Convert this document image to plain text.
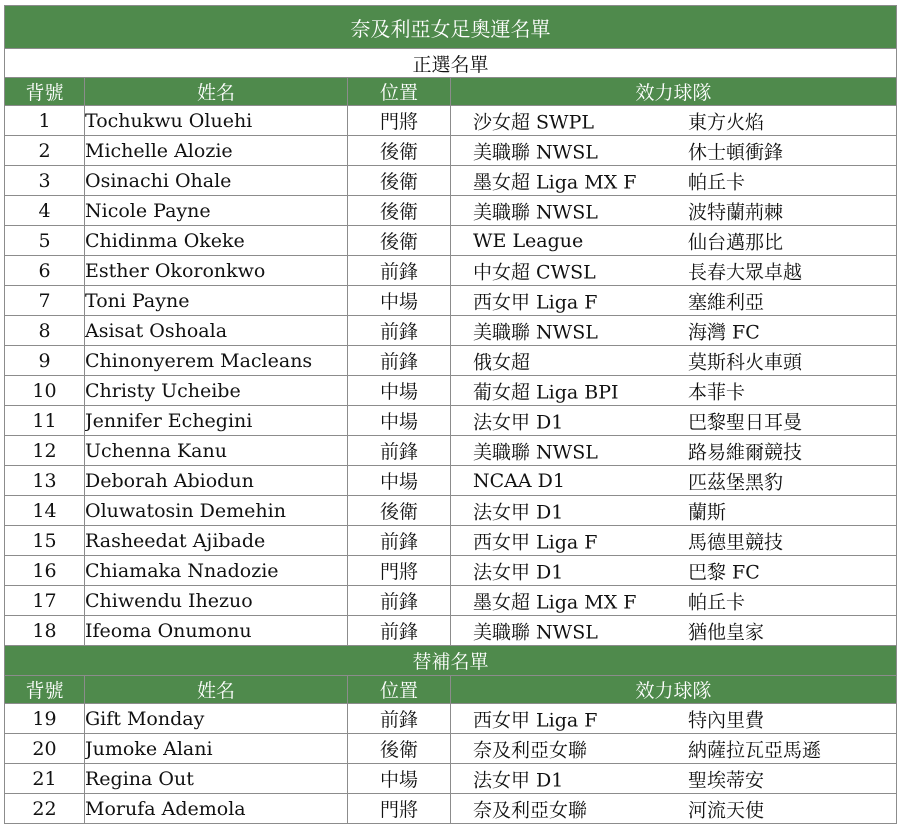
奈及利亞女足奧運名單			
正選名單			
背號	姓名	位置	效力球隊
1	Tochukwu Oluehi	門將	沙女超 SWPL 東方火焰

2	Michelle Alozie	後衛	美職聯 NWSL 休士頓衝鋒

3	Osinachi Ohale	後衛	墨女超 Liga MX F 帕丘卡

4	Nicole Payne	後衛	美職聯 NWSL 波特蘭荊棘

5	Chidinma Okeke	後衛	WE League 仙台邁那比

6	Esther Okoronkwo	前鋒	中女超 CWSL 長春大眾卓越

7	Toni Payne	中場	西女甲 Liga F 塞維利亞

8	Asisat Oshoala	前鋒	美職聯 NWSL 海灣 FC

9	Chinonyerem Macleans	前鋒	俄女超 莫斯科火車頭

10	Christy Ucheibe	中場	葡女超 Liga BPI 本菲卡

11	Jennifer Echegini	中場	法女甲 D1 巴黎聖日耳曼

12	Uchenna Kanu	前鋒	美職聯 NWSL 路易維爾競技

13	Deborah Abiodun	中場	NCAA D1 匹茲堡黑豹

14	Oluwatosin Demehin	後衛	法女甲 D1 蘭斯

15	Rasheedat Ajibade	前鋒	西女甲 Liga F 馬德里競技

16	Chiamaka Nnadozie	門將	法女甲 D1 巴黎 FC

17	Chiwendu Ihezuo	前鋒	墨女超 Liga MX F 帕丘卡

18	Ifeoma Onumonu	前鋒	美職聯 NWSL 猶他皇家

替補名單			
背號	姓名	位置	效力球隊
19	Gift Monday	前鋒	西女甲 Liga F 特內里費

20	Jumoke Alani	後衛	奈及利亞女聯 納薩拉瓦亞馬遜

21	Regina Out	中場	法女甲 D1 聖埃蒂安

22	Morufa Ademola	門將	奈及利亞女聯 河流天使
